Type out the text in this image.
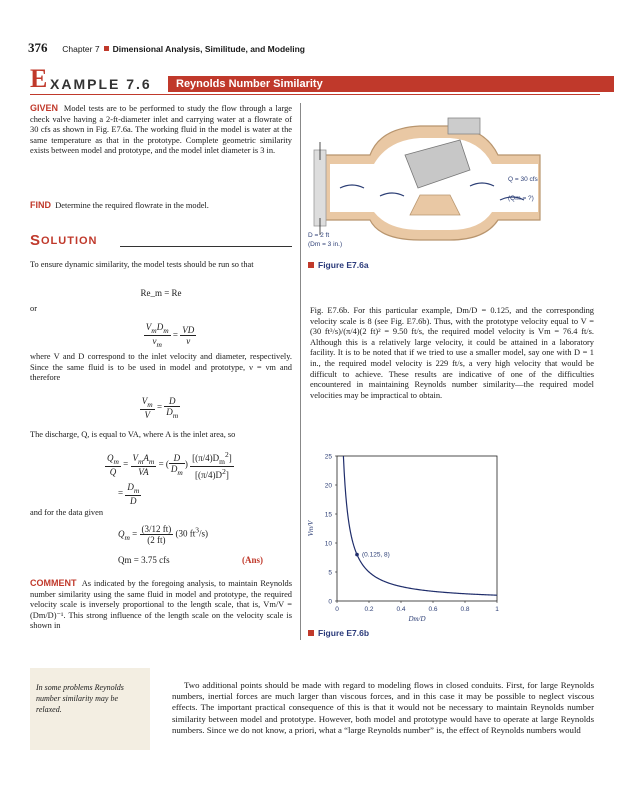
376 Chapter 7 Dimensional Analysis, Similitude, and Modeling
E XAMPLE 7.6	Reynolds Number Similarity
GIVEN Model tests are to be performed to study the flow through a large check valve having a 2-ft-diameter inlet and carrying water at a flowrate of 30 cfs as shown in Fig. E7.6a. The working fluid in the model is water at the same temperature as that in the prototype. Complete geometric similarity exists between model and prototype, and the model inlet diameter is 3 in.
FIND Determine the required flowrate in the model.
S OLUTION
To ensure dynamic similarity, the model tests should be run so that
Re_m = Re
or
$\frac{V_mD_m}{\nu_m} = \frac{VD}{\nu}$
where V and D correspond to the inlet velocity and diameter, respectively. Since the same fluid is to be used in model and prototype, ν = νm and therefore
$\frac{V_m}{V} = \frac{D}{D_m}$
The discharge, Q, is equal to VA, where A is the inlet area, so
$\frac{Q_m}{Q} = \frac{V_mA_m}{VA}$ = ( $\frac{D}{D_m}$ ) $\frac{[(\pi/4)D_m^2]}{[(\pi/4)D^2]}$
= $\frac{D_m}{D}$
and for the data given
$Q_m = \frac{(3/12 ft)}{(2 ft)} (30$ $ft^3/s$)
Qm = 3.75 cfs	(Ans)
COMMENT As indicated by the foregoing analysis, to maintain Reynolds number similarity using the same fluid in model and prototype, the required velocity scale is inversely proportional to the length scale, that is, Vm/V = (Dm/D)⁻¹. This strong influence of the length scale on the velocity scale is shown in
Q = 30 cfs
(Qm = ?)
D = 2 ft
(Dm = 3 in.)
Figure E7.6a
Fig. E7.6b. For this particular example, Dm/D = 0.125, and the corresponding velocity scale is 8 (see Fig. E7.6b). Thus, with the prototype velocity equal to V = (30 ft³/s)/(π/4)(2 ft)² = 9.50 ft/s, the required model velocity is Vm = 76.4 ft/s. Although this is a relatively large velocity, it could be attained in a laboratory facility. It is to be noted that if we tried to use a smaller model, say one with D = 1 in., the required model velocity is 229 ft/s, a very high velocity that would be difficult to achieve. These results are indicative of one of the difficulties encountered in maintaining Reynolds number similarity—the required model velocities may be impractical to obtain.
0
5
10
15
20
25
0	0.2	0.4	0.6	0.8	1
(0.125, 8)
Dm/D
Vm/V
Figure E7.6b
In some problems Reynolds number similarity may be relaxed.
Two additional points should be made with regard to modeling flows in closed conduits. First, for large Reynolds numbers, inertial forces are much larger than viscous forces, and in this case it may be possible to neglect viscous effects. The important practical consequence of this is that it would not be necessary to maintain Reynolds number similarity between model and prototype. However, both model and prototype would have to operate at large Reynolds numbers. Since we do not know, a priori, what a “large Reynolds number” is, the effect of Reynolds numbers would
